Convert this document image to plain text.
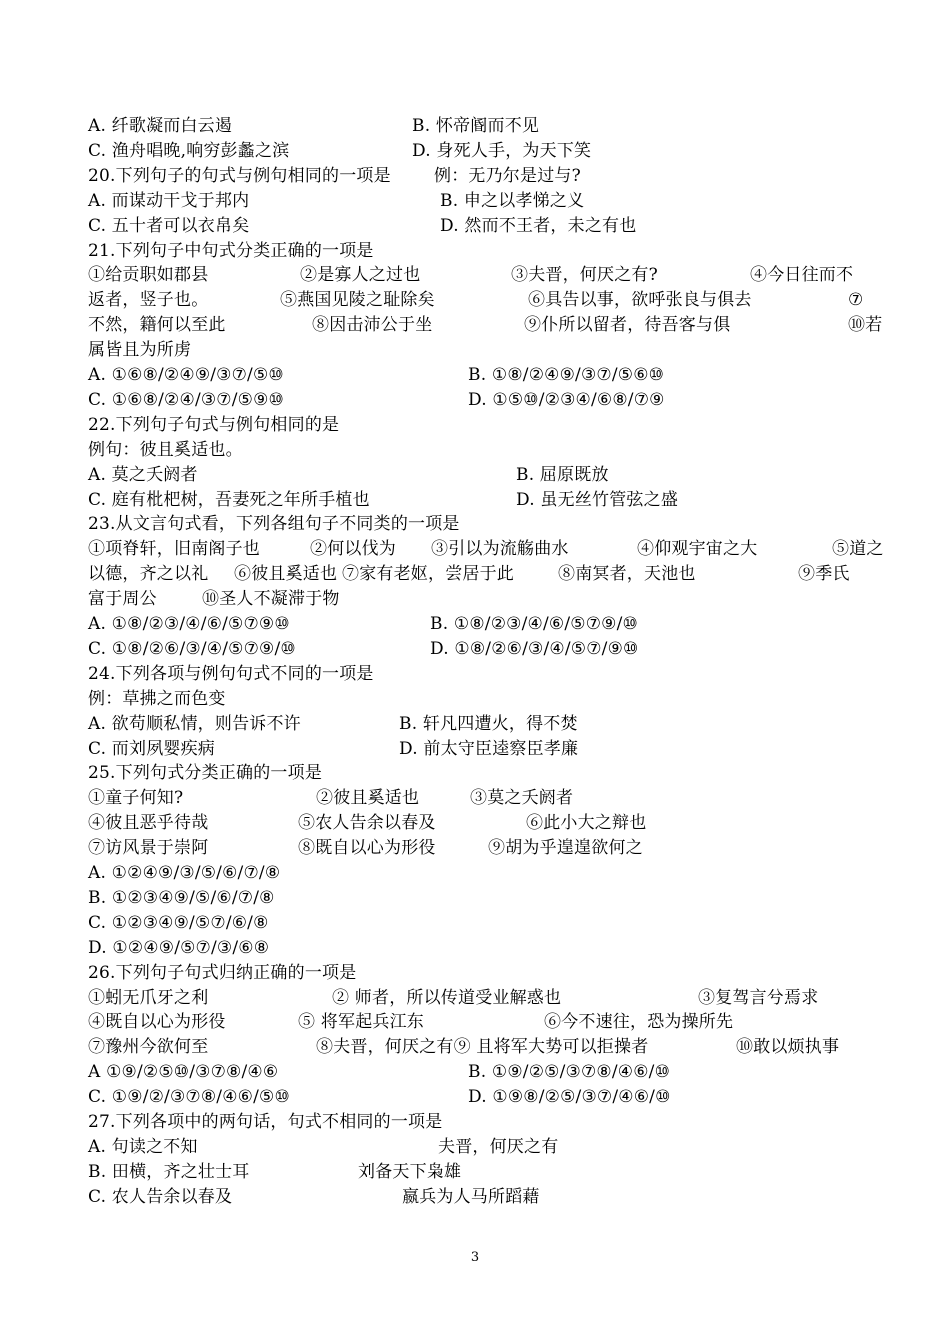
A. 纤歌凝而白云遏	B. 怀帝阍而不见
C. 渔舟唱晚,响穷彭蠡之滨	D. 身死人手，为天下笑
20.下列句子的句式与例句相同的一项是	例：无乃尔是过与?
A. 而谋动干戈于邦内	B. 申之以孝悌之义
C. 五十者可以衣帛矣	D. 然而不王者，未之有也
21.下列句子中句式分类正确的一项是
①给贡职如郡县	②是寡人之过也	③夫晋，何厌之有?	④今日往而不
返者，竖子也。	⑤燕国见陵之耻除矣	⑥具告以事，欲呼张良与俱去	⑦
不然，籍何以至此	⑧因击沛公于坐	⑨仆所以留者，待吾客与俱	⑩若
属皆且为所虏
A. ①⑥⑧/②④⑨/③⑦/⑤⑩	B. ①⑧/②④⑨/③⑦/⑤⑥⑩
C. ①⑥⑧/②④/③⑦/⑤⑨⑩	D. ①⑤⑩/②③④/⑥⑧/⑦⑨
22.下列句子句式与例句相同的是
例句：彼且奚适也。
A. 莫之夭阏者	B. 屈原既放
C. 庭有枇杷树，吾妻死之年所手植也	D. 虽无丝竹管弦之盛
23.从文言句式看，下列各组句子不同类的一项是
①项脊轩，旧南阁子也	②何以伐为 ③引以为流觞曲水	④仰观宇宙之大	⑤道之
以德，齐之以礼 ⑥彼且奚适也 ⑦家有老妪，尝居于此	⑧南冥者，天池也	⑨季氏
富于周公	⑩圣人不凝滞于物
A. ①⑧/②③/④/⑥/⑤⑦⑨⑩	B. ①⑧/②③/④/⑥/⑤⑦⑨/⑩
C. ①⑧/②⑥/③/④/⑤⑦⑨/⑩	D. ①⑧/②⑥/③/④/⑤⑦/⑨⑩
24.下列各项与例句句式不同的一项是
例：草拂之而色变
A. 欲苟顺私情，则告诉不许	B. 轩凡四遭火，得不焚
C. 而刘夙婴疾病	D. 前太守臣逵察臣孝廉
25.下列句式分类正确的一项是
①童子何知?	②彼且奚适也	③莫之夭阏者
④彼且恶乎待哉	⑤农人告余以春及	⑥此小大之辩也
⑦访风景于崇阿	⑧既自以心为形役	⑨胡为乎遑遑欲何之
A. ①②④⑨/③/⑤/⑥/⑦/⑧
B. ①②③④⑨/⑤/⑥/⑦/⑧
C. ①②③④⑨/⑤⑦/⑥/⑧
D. ①②④⑨/⑤⑦/③/⑥⑧
26.下列句子句式归纳正确的一项是
①蚓无爪牙之利	② 师者，所以传道受业解惑也	③复驾言兮焉求
④既自以心为形役	⑤ 将军起兵江东	⑥今不速往，恐为操所先
⑦豫州今欲何至	⑧夫晋，何厌之有⑨ 且将军大势可以拒操者	⑩敢以烦执事
A ①⑨/②⑤⑩/③⑦⑧/④⑥	B. ①⑨/②⑤/③⑦⑧/④⑥/⑩
C. ①⑨/②/③⑦⑧/④⑥/⑤⑩	D. ①⑨⑧/②⑤/③⑦/④⑥/⑩
27.下列各项中的两句话，句式不相同的一项是
A. 句读之不知	夫晋，何厌之有
B. 田横，齐之壮士耳	刘备天下枭雄
C. 农人告余以春及	嬴兵为人马所蹈藉
3
